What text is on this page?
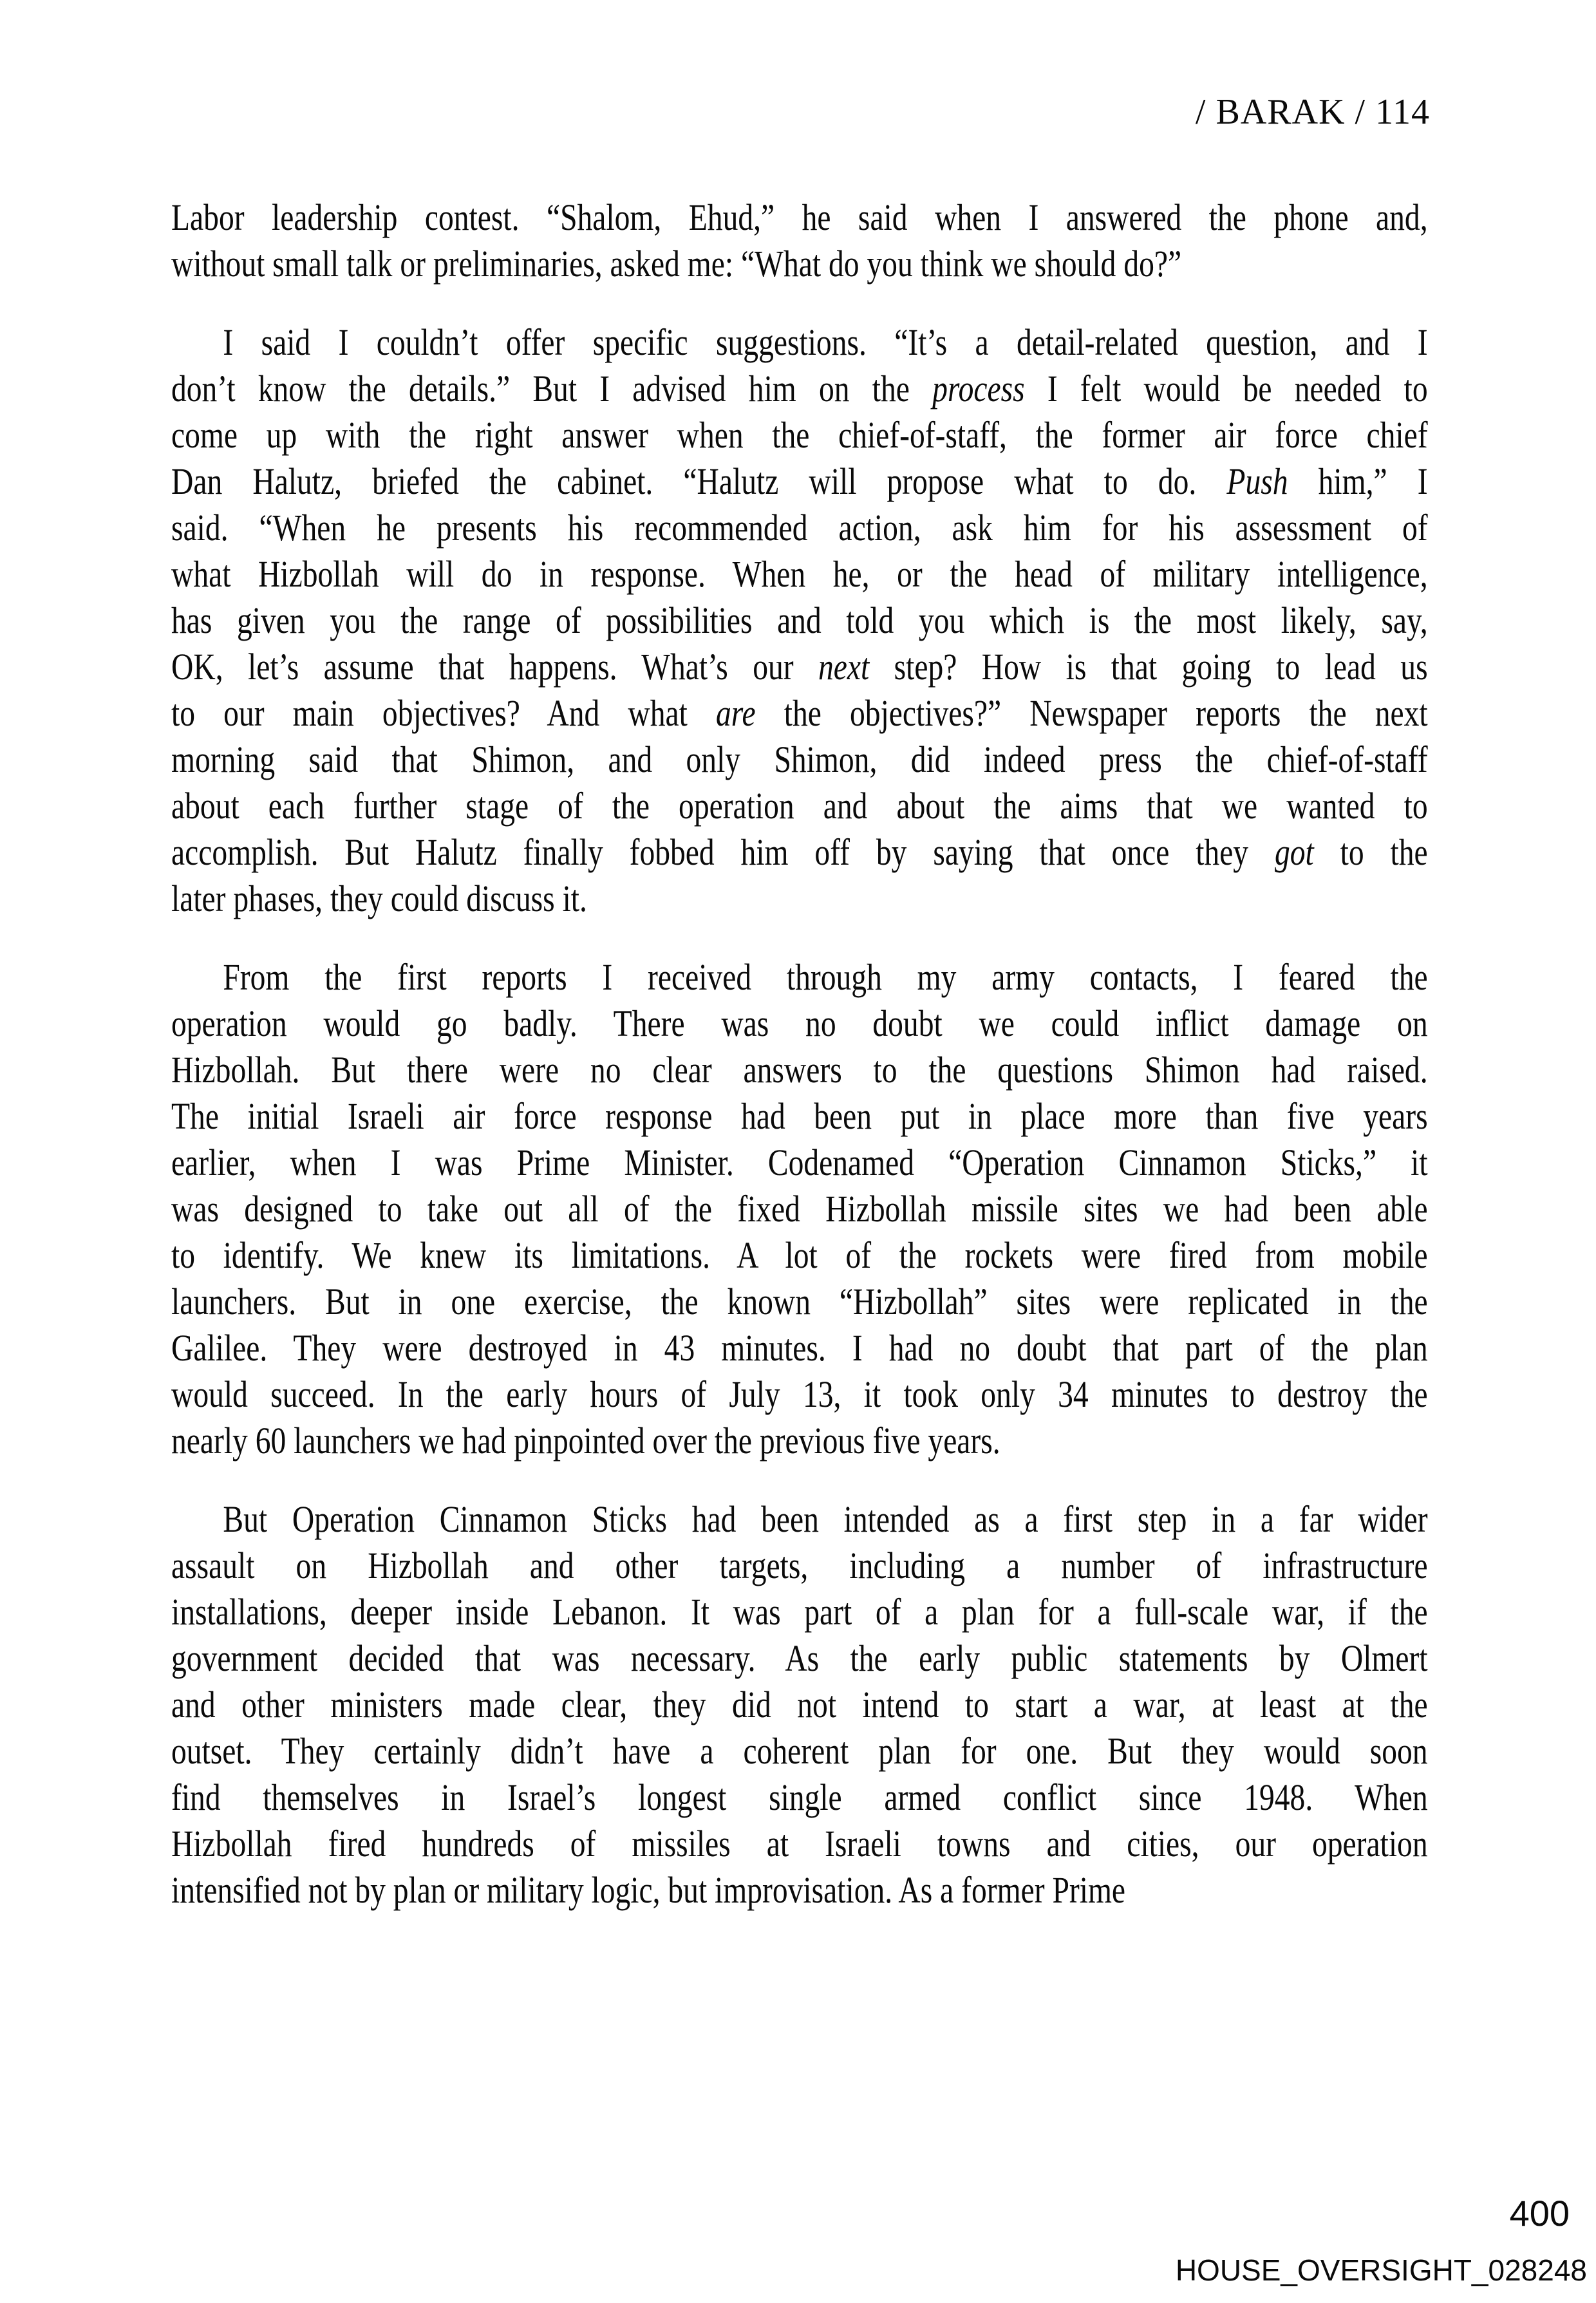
/ BARAK / 114
Labor leadership contest. “Shalom, Ehud,” he said when I answered the phone and,
without small talk or preliminaries, asked me: “What do you think we should do?”
I said I couldn’t offer specific suggestions. “It’s a detail-related question, and I
don’t know the details.” But I advised him on the process I felt would be needed to
come up with the right answer when the chief-of-staff, the former air force chief
Dan Halutz, briefed the cabinet. “Halutz will propose what to do. Push him,” I
said. “When he presents his recommended action, ask him for his assessment of
what Hizbollah will do in response. When he, or the head of military intelligence,
has given you the range of possibilities and told you which is the most likely, say,
OK, let’s assume that happens. What’s our next step? How is that going to lead us
to our main objectives? And what are the objectives?” Newspaper reports the next
morning said that Shimon, and only Shimon, did indeed press the chief-of-staff
about each further stage of the operation and about the aims that we wanted to
accomplish. But Halutz finally fobbed him off by saying that once they got to the
later phases, they could discuss it.
From the first reports I received through my army contacts, I feared the
operation would go badly. There was no doubt we could inflict damage on
Hizbollah. But there were no clear answers to the questions Shimon had raised.
The initial Israeli air force response had been put in place more than five years
earlier, when I was Prime Minister. Codenamed “Operation Cinnamon Sticks,” it
was designed to take out all of the fixed Hizbollah missile sites we had been able
to identify. We knew its limitations. A lot of the rockets were fired from mobile
launchers. But in one exercise, the known “Hizbollah” sites were replicated in the
Galilee. They were destroyed in 43 minutes. I had no doubt that part of the plan
would succeed. In the early hours of July 13, it took only 34 minutes to destroy the
nearly 60 launchers we had pinpointed over the previous five years.
But Operation Cinnamon Sticks had been intended as a first step in a far wider
assault on Hizbollah and other targets, including a number of infrastructure
installations, deeper inside Lebanon. It was part of a plan for a full-scale war, if the
government decided that was necessary. As the early public statements by Olmert
and other ministers made clear, they did not intend to start a war, at least at the
outset. They certainly didn’t have a coherent plan for one. But they would soon
find themselves in Israel’s longest single armed conflict since 1948. When
Hizbollah fired hundreds of missiles at Israeli towns and cities, our operation
intensified not by plan or military logic, but improvisation. As a former Prime
400
HOUSE_OVERSIGHT_028248
